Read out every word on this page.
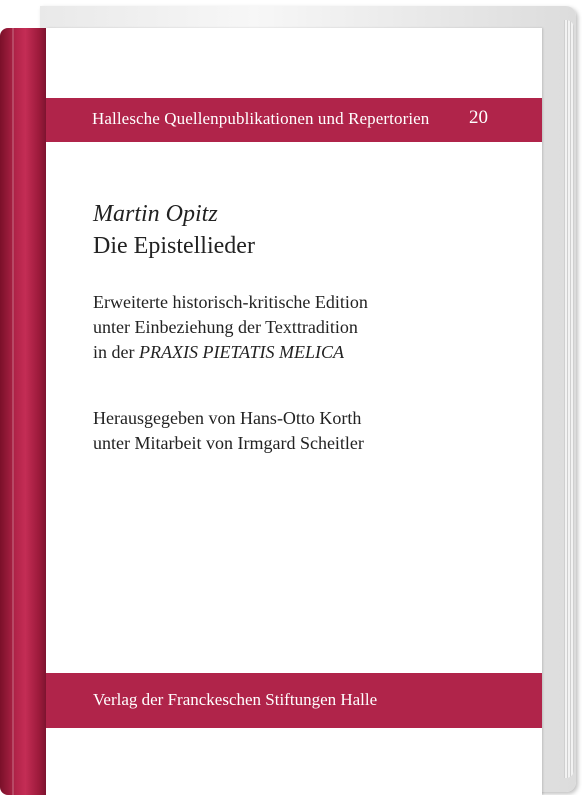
Hallesche Quellenpublikationen und Repertorien 20
Martin Opitz
Die Epistellieder
Erweiterte historisch-kritische Edition
unter Einbeziehung der Texttradition
in der PRAXIS PIETATIS MELICA
Herausgegeben von Hans-Otto Korth
unter Mitarbeit von Irmgard Scheitler
Verlag der Franckeschen Stiftungen Halle
